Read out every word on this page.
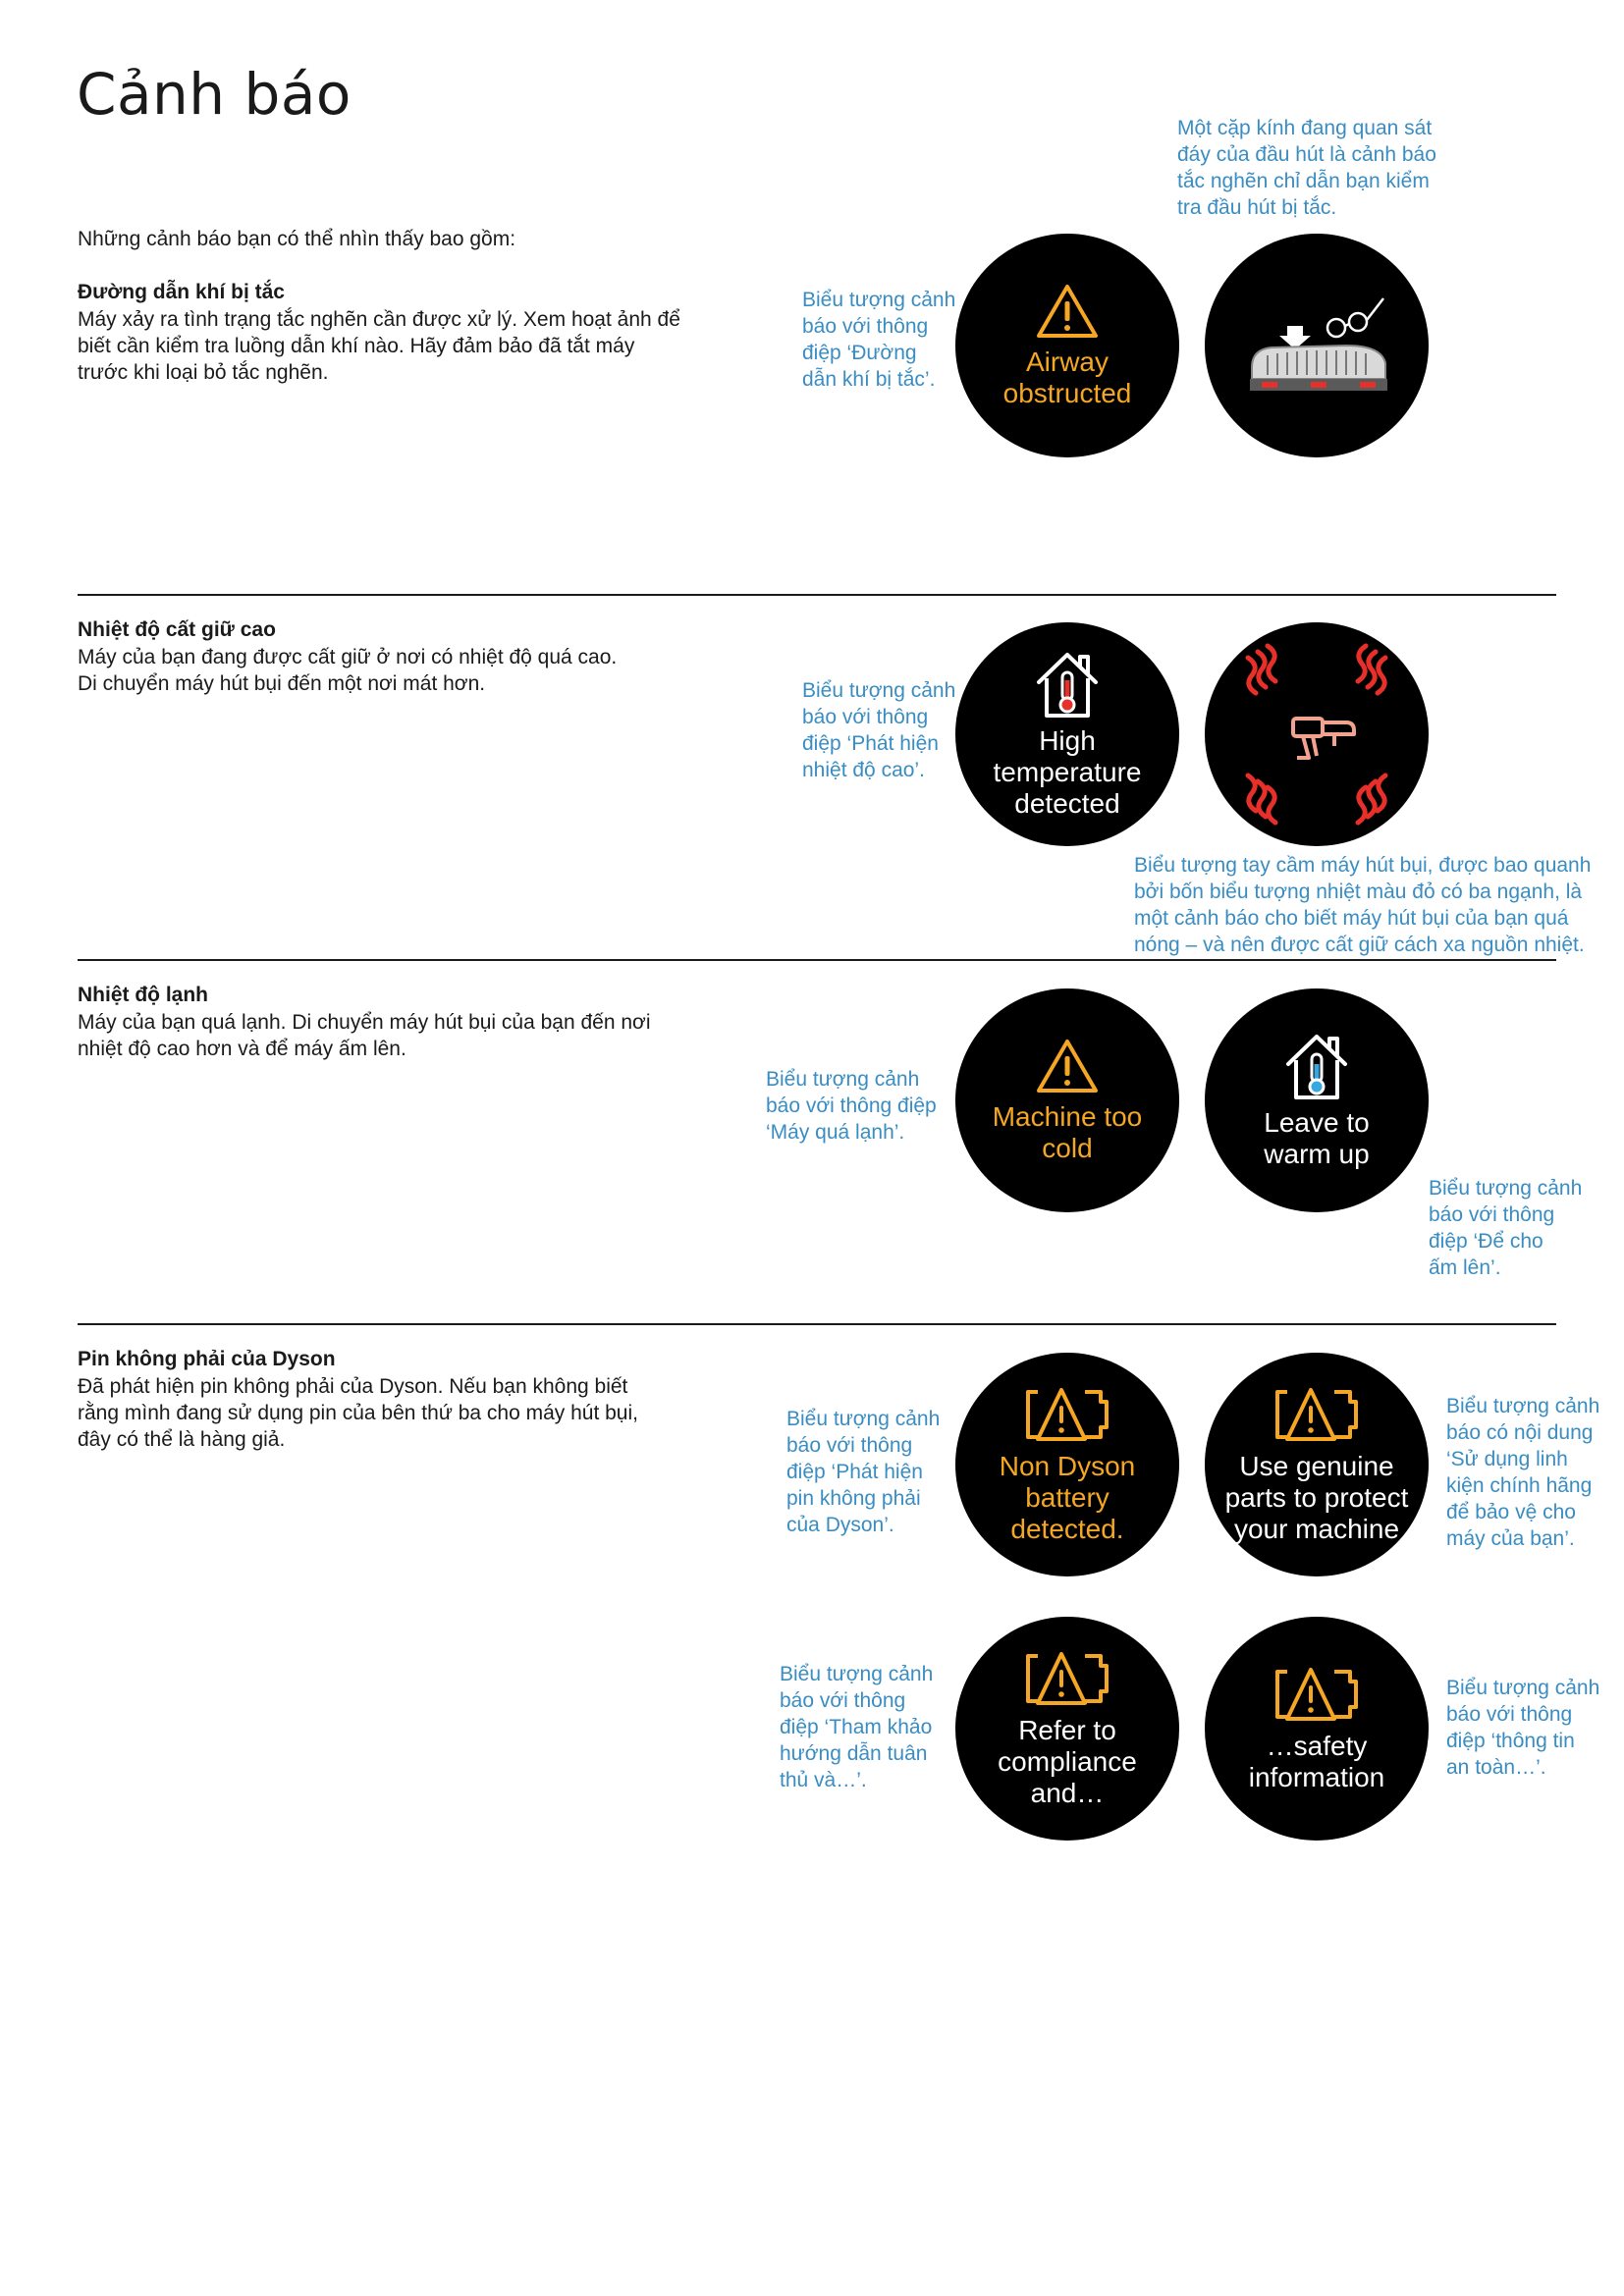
Cảnh báo
Những cảnh báo bạn có thể nhìn thấy bao gồm:
Đường dẫn khí bị tắc
Máy xảy ra tình trạng tắc nghẽn cần được xử lý. Xem hoạt ảnh để
biết cần kiểm tra luồng dẫn khí nào. Hãy đảm bảo đã tắt máy
trước khi loại bỏ tắc nghẽn.
Một cặp kính đang quan sát
đáy của đầu hút là cảnh báo
tắc nghẽn chỉ dẫn bạn kiểm
tra đầu hút bị tắc.
Biểu tượng cảnh
báo với thông
điệp ‘Đường
dẫn khí bị tắc’.
Airway
obstructed
Nhiệt độ cất giữ cao
Máy của bạn đang được cất giữ ở nơi có nhiệt độ quá cao.
Di chuyển máy hút bụi đến một nơi mát hơn.	Biểu tượng cảnh
báo với thông
điệp ‘Phát hiện
nhiệt độ cao’.
High
temperature
detected
Biểu tượng tay cầm máy hút bụi, được bao quanh
bởi bốn biểu tượng nhiệt màu đỏ có ba ngạnh, là
một cảnh báo cho biết máy hút bụi của bạn quá
nóng – và nên được cất giữ cách xa nguồn nhiệt.
Nhiệt độ lạnh
Máy của bạn quá lạnh. Di chuyển máy hút bụi của bạn đến nơi
nhiệt độ cao hơn và để máy ấm lên.
Biểu tượng cảnh
báo với thông điệp
‘Máy quá lạnh’.
Machine too
cold
Leave to
warm up
Biểu tượng cảnh
báo với thông
điệp ‘Để cho
ấm lên’.
Pin không phải của Dyson
Đã phát hiện pin không phải của Dyson. Nếu bạn không biết
rằng mình đang sử dụng pin của bên thứ ba cho máy hút bụi,
đây có thể là hàng giả.
Biểu tượng cảnh
báo với thông
điệp ‘Phát hiện
pin không phải
của Dyson’.
Non Dyson
battery
detected.
Use genuine
parts to protect
your machine
Biểu tượng cảnh
báo có nội dung
‘Sử dụng linh
kiện chính hãng
để bảo vệ cho
máy của bạn’.
Biểu tượng cảnh
báo với thông
điệp ‘Tham khảo
hướng dẫn tuân
thủ và…’.
Refer to
compliance
and…
…safety
information
Biểu tượng cảnh
báo với thông
điệp ‘thông tin
an toàn…’.
